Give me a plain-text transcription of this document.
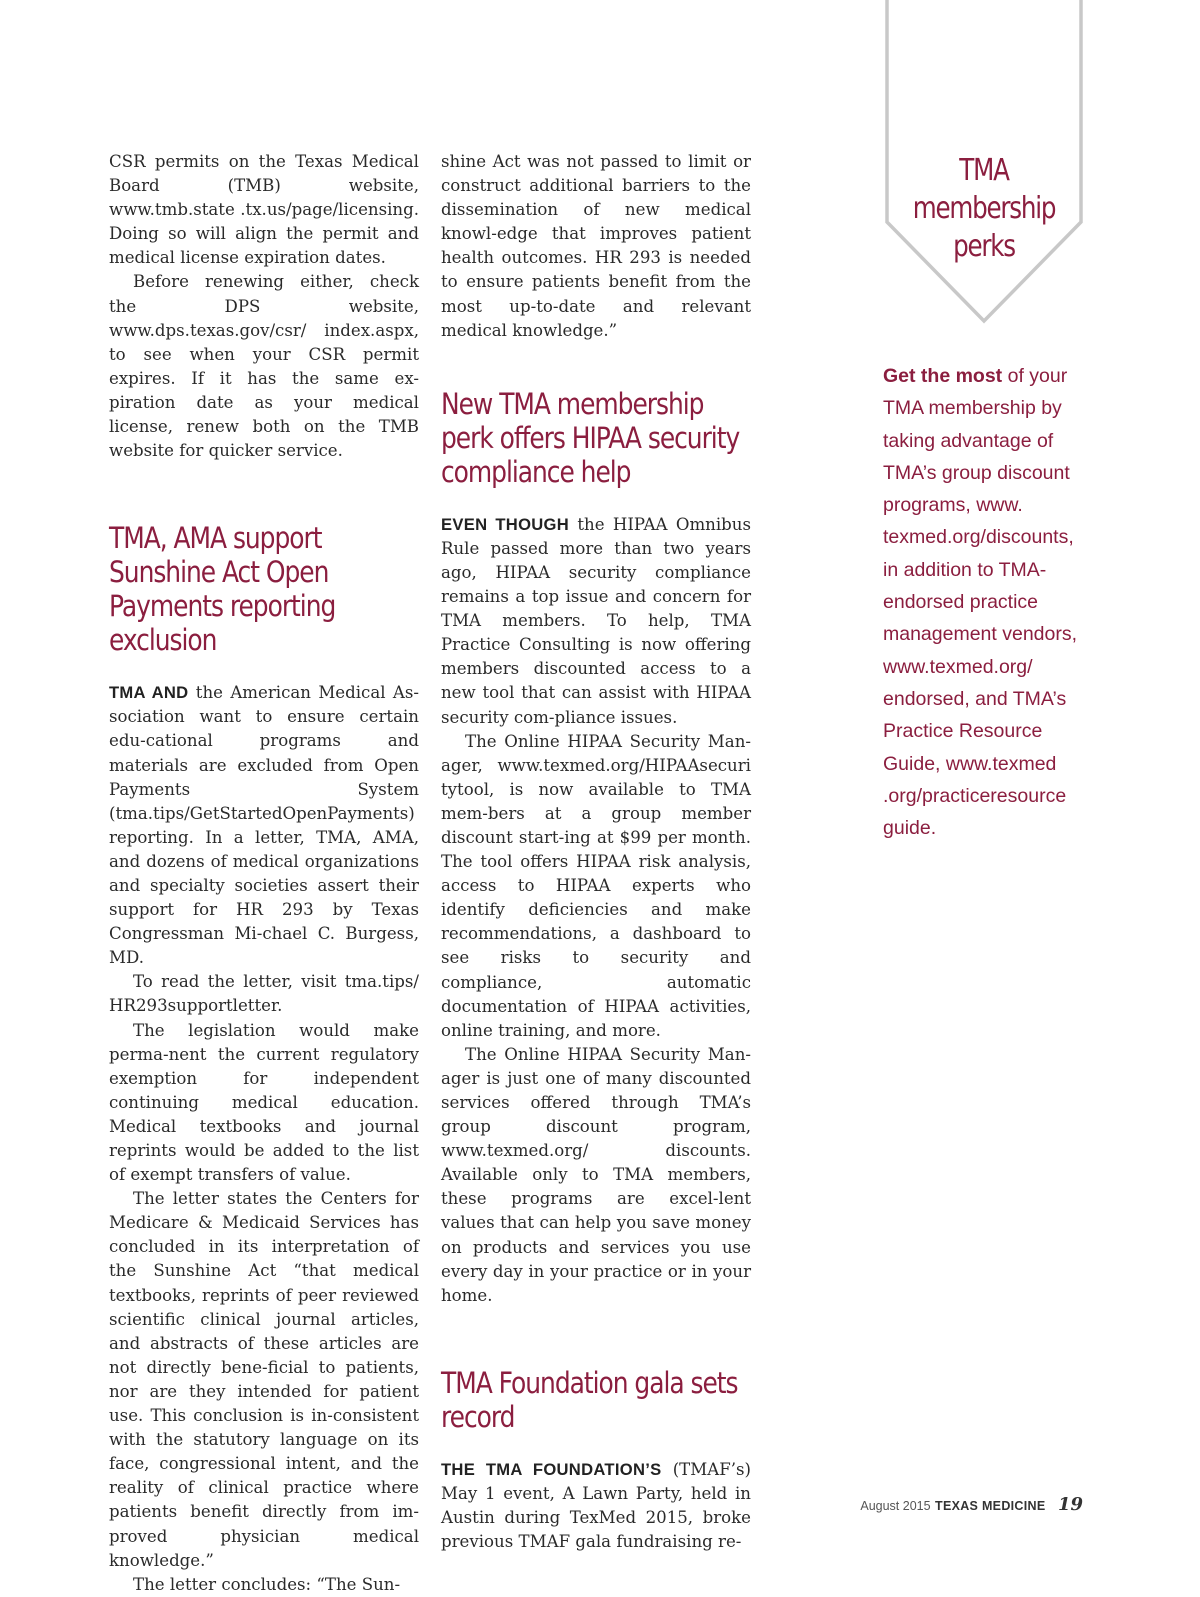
CSR permits on the Texas Medical Board (TMB) website, www.tmb.state .tx.us/page/licensing. Doing so will align the permit and medical license expiration dates.

Before renewing either, check the DPS website, www.dps.texas.gov/csr/ index.aspx, to see when your CSR permit expires. If it has the same ex-piration date as your medical license, renew both on the TMB website for quicker service.

TMA, AMA support Sunshine Act Open Payments reporting exclusion

TMA AND the American Medical As-sociation want to ensure certain edu-cational programs and materials are excluded from Open Payments System (tma.tips/GetStartedOpenPayments) reporting. In a letter, TMA, AMA, and dozens of medical organizations and specialty societies assert their support for HR 293 by Texas Congressman Mi-chael C. Burgess, MD.

To read the letter, visit tma.tips/ HR293supportletter.

The legislation would make perma-nent the current regulatory exemption for independent continuing medical education. Medical textbooks and journal reprints would be added to the list of exempt transfers of value.

The letter states the Centers for Medicare & Medicaid Services has concluded in its interpretation of the Sunshine Act “that medical textbooks, reprints of peer reviewed scientific clinical journal articles, and abstracts of these articles are not directly bene-ficial to patients, nor are they intended for patient use. This conclusion is in-consistent with the statutory language on its face, congressional intent, and the reality of clinical practice where patients benefit directly from im-proved physician medical knowledge.”

The letter concludes: “The Sun-

shine Act was not passed to limit or construct additional barriers to the dissemination of new medical knowl-edge that improves patient health outcomes. HR 293 is needed to ensure patients benefit from the most up-to-date and relevant medical knowledge.”

New TMA membership perk offers HIPAA security compliance help

EVEN THOUGH the HIPAA Omnibus Rule passed more than two years ago, HIPAA security compliance remains a top issue and concern for TMA members. To help, TMA Practice Consulting is now offering members discounted access to a new tool that can assist with HIPAA security com-pliance issues.

The Online HIPAA Security Man-ager, www.texmed.org/HIPAAsecuri tytool, is now available to TMA mem-bers at a group member discount start-ing at $99 per month. The tool offers HIPAA risk analysis, access to HIPAA experts who identify deficiencies and make recommendations, a dashboard to see risks to security and compliance, automatic documentation of HIPAA activities, online training, and more.

The Online HIPAA Security Man-ager is just one of many discounted services offered through TMA’s group discount program, www.texmed.org/ discounts. Available only to TMA members, these programs are excel-lent values that can help you save money on products and services you use every day in your practice or in your home.

TMA Foundation gala sets record

THE TMA FOUNDATION’S (TMAF’s) May 1 event, A Lawn Party, held in Austin during TexMed 2015, broke previous TMAF gala fundraising re-

TMA membership perks
Get the most of your TMA membership by taking advantage of TMA’s group discount programs, www. texmed.org/discounts, in addition to TMA-endorsed practice management vendors, www.texmed.org/ endorsed, and TMA’s Practice Resource Guide, www.texmed .org/practiceresource guide.
August 2015 TEXAS MEDICINE 19
